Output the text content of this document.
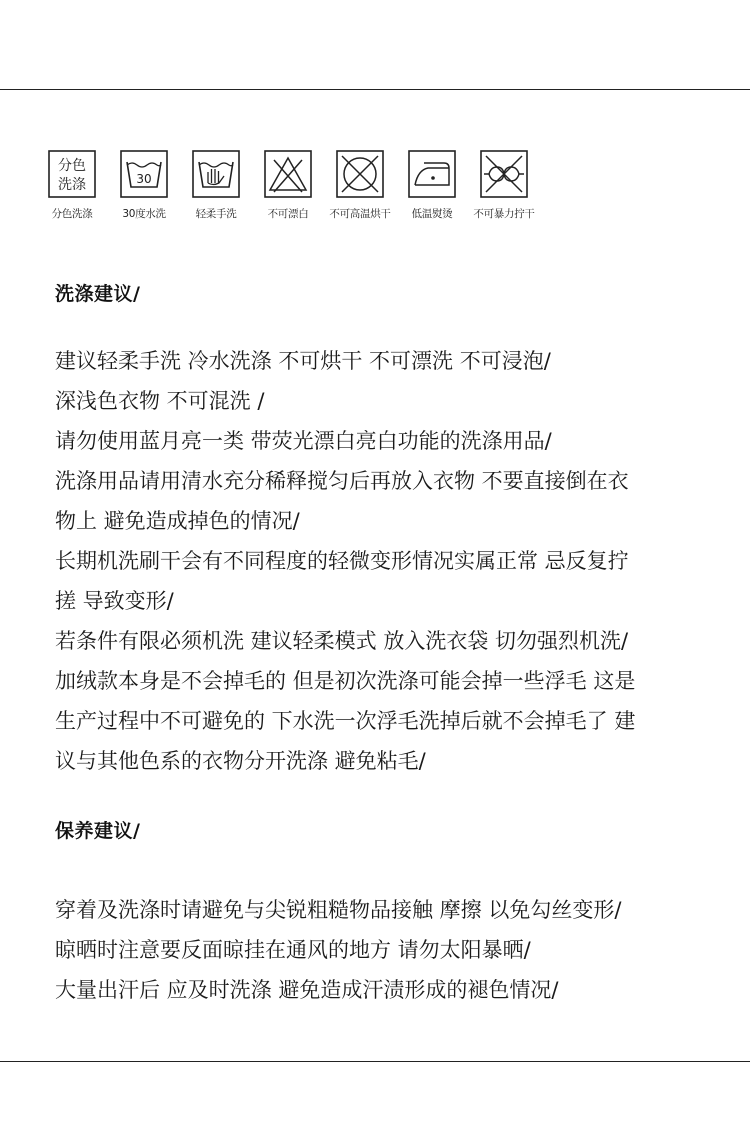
分色
洗涤
分色洗涤
30
30度水洗	轻柔手洗	不可漂白	不可高温烘干	低温熨烫	不可暴力拧干
洗涤建议/
建议轻柔手洗 冷水洗涤 不可烘干 不可漂洗 不可浸泡/
深浅色衣物 不可混洗 /
请勿使用蓝月亮一类 带荧光漂白亮白功能的洗涤用品/
洗涤用品请用清水充分稀释搅匀后再放入衣物 不要直接倒在衣
物上 避免造成掉色的情况/
长期机洗刷干会有不同程度的轻微变形情况实属正常 忌反复拧
搓 导致变形/
若条件有限必须机洗 建议轻柔模式 放入洗衣袋 切勿强烈机洗/
加绒款本身是不会掉毛的 但是初次洗涤可能会掉一些浮毛 这是
生产过程中不可避免的 下水洗一次浮毛洗掉后就不会掉毛了 建
议与其他色系的衣物分开洗涤 避免粘毛/
保养建议/
穿着及洗涤时请避免与尖锐粗糙物品接触 摩擦 以免勾丝变形/
晾晒时注意要反面晾挂在通风的地方 请勿太阳暴晒/
大量出汗后 应及时洗涤 避免造成汗渍形成的褪色情况/
